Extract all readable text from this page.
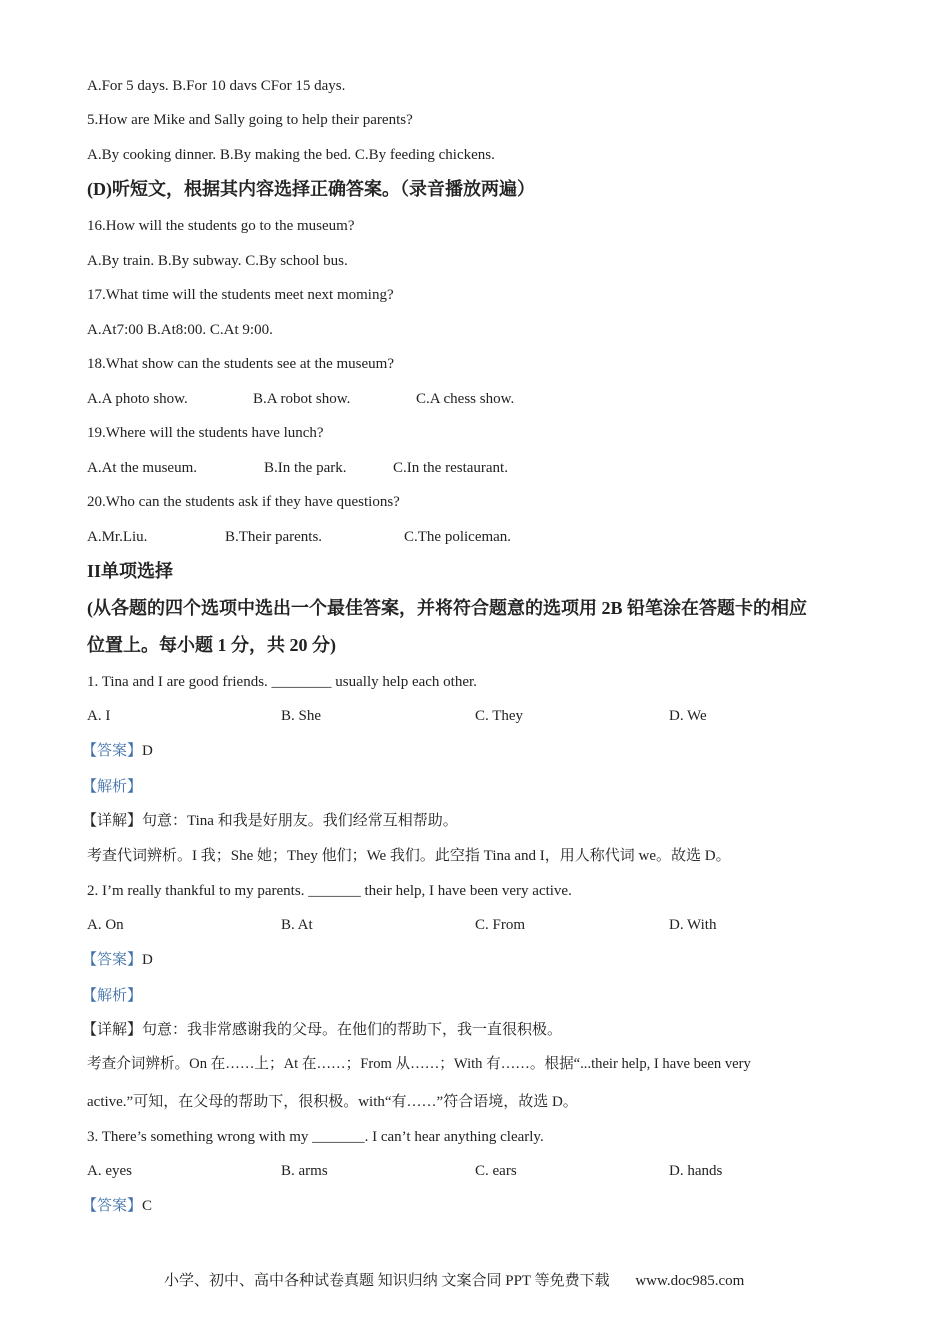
A.For 5 days. B.For 10 davs CFor 15 days.
5.How are Mike and Sally going to help their parents?
A.By cooking dinner. B.By making the bed. C.By feeding chickens.
(D)听短文，根据其内容选择正确答案。（录音播放两遍）
16.How will the students go to the museum?
A.By train. B.By subway. C.By school bus.
17.What time will the students meet next moming?
A.At7:00 B.At8:00. C.At 9:00.
18.What show can the students see at the museum?
A.A photo show.	B.A robot show.	C.A chess show.
19.Where will the students have lunch?
A.At the museum.	B.In the park.	C.In the restaurant.
20.Who can the students ask if they have questions?
A.Mr.Liu.	B.Their parents.	C.The policeman.
II单项选择
(从各题的四个选项中选出一个最佳答案，并将符合题意的选项用 2B 铅笔涂在答题卡的相应
位置上。每小题 1 分，共 20 分)
1. Tina and I are good friends. ________ usually help each other.
A. I	B. She	C. They	D. We
【答案】D
【解析】
【详解】句意：Tina 和我是好朋友。我们经常互相帮助。
考查代词辨析。I 我；She 她；They 他们；We 我们。此空指 Tina and I，用人称代词 we。故选 D。
2. I’m really thankful to my parents. _______ their help, I have been very active.
A. On	B. At	C. From	D. With
【答案】D
【解析】
【详解】句意：我非常感谢我的父母。在他们的帮助下，我一直很积极。
考查介词辨析。On 在……上；At 在……；From 从……；With 有……。根据“...their help, I have been very
active.”可知，在父母的帮助下，很积极。with“有……”符合语境，故选 D。
3. There’s something wrong with my _______. I can’t hear anything clearly.
A. eyes	B. arms	C. ears	D. hands
【答案】C
小学、初中、高中各种试卷真题 知识归纳 文案合同 PPT 等免费下载 www.doc985.com
